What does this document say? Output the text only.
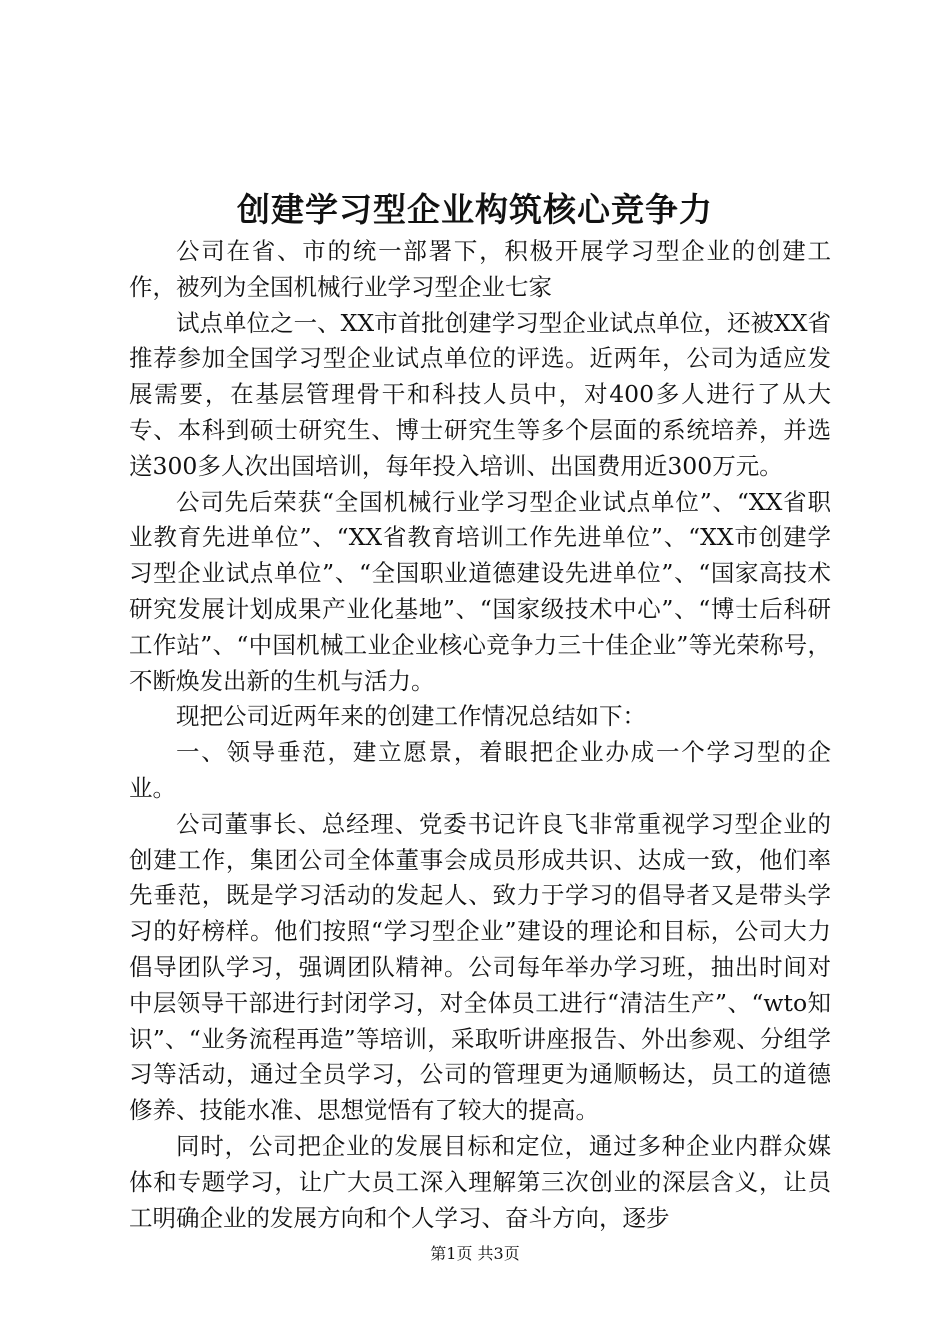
创建学习型企业构筑核心竞争力

公司在省、市的统一部署下，积极开展学习型企业的创建工作，被列为全国机械行业学习型企业七家

试点单位之一、XX市首批创建学习型企业试点单位，还被XX省推荐参加全国学习型企业试点单位的评选。近两年，公司为适应发展需要，在基层管理骨干和科技人员中，对400多人进行了从大专、本科到硕士研究生、博士研究生等多个层面的系统培养，并选送300多人次出国培训，每年投入培训、出国费用近300万元。

公司先后荣获“全国机械行业学习型企业试点单位”、“XX省职业教育先进单位”、“XX省教育培训工作先进单位”、“XX市创建学习型企业试点单位”、“全国职业道德建设先进单位”、“国家高技术研究发展计划成果产业化基地”、“国家级技术中心”、“博士后科研工作站”、“中国机械工业企业核心竞争力三十佳企业”等光荣称号，不断焕发出新的生机与活力。

现把公司近两年来的创建工作情况总结如下：

一、领导垂范，建立愿景，着眼把企业办成一个学习型的企业。

公司董事长、总经理、党委书记许良飞非常重视学习型企业的创建工作，集团公司全体董事会成员形成共识、达成一致，他们率先垂范，既是学习活动的发起人、致力于学习的倡导者又是带头学习的好榜样。他们按照“学习型企业”建设的理论和目标，公司大力倡导团队学习，强调团队精神。公司每年举办学习班，抽出时间对中层领导干部进行封闭学习，对全体员工进行“清洁生产”、“wto知识”、“业务流程再造”等培训，采取听讲座报告、外出参观、分组学习等活动，通过全员学习，公司的管理更为通顺畅达，员工的道德修养、技能水准、思想觉悟有了较大的提高。

同时，公司把企业的发展目标和定位，通过多种企业内群众媒体和专题学习，让广大员工深入理解第三次创业的深层含义，让员工明确企业的发展方向和个人学习、奋斗方向，逐步

第1页 共3页
